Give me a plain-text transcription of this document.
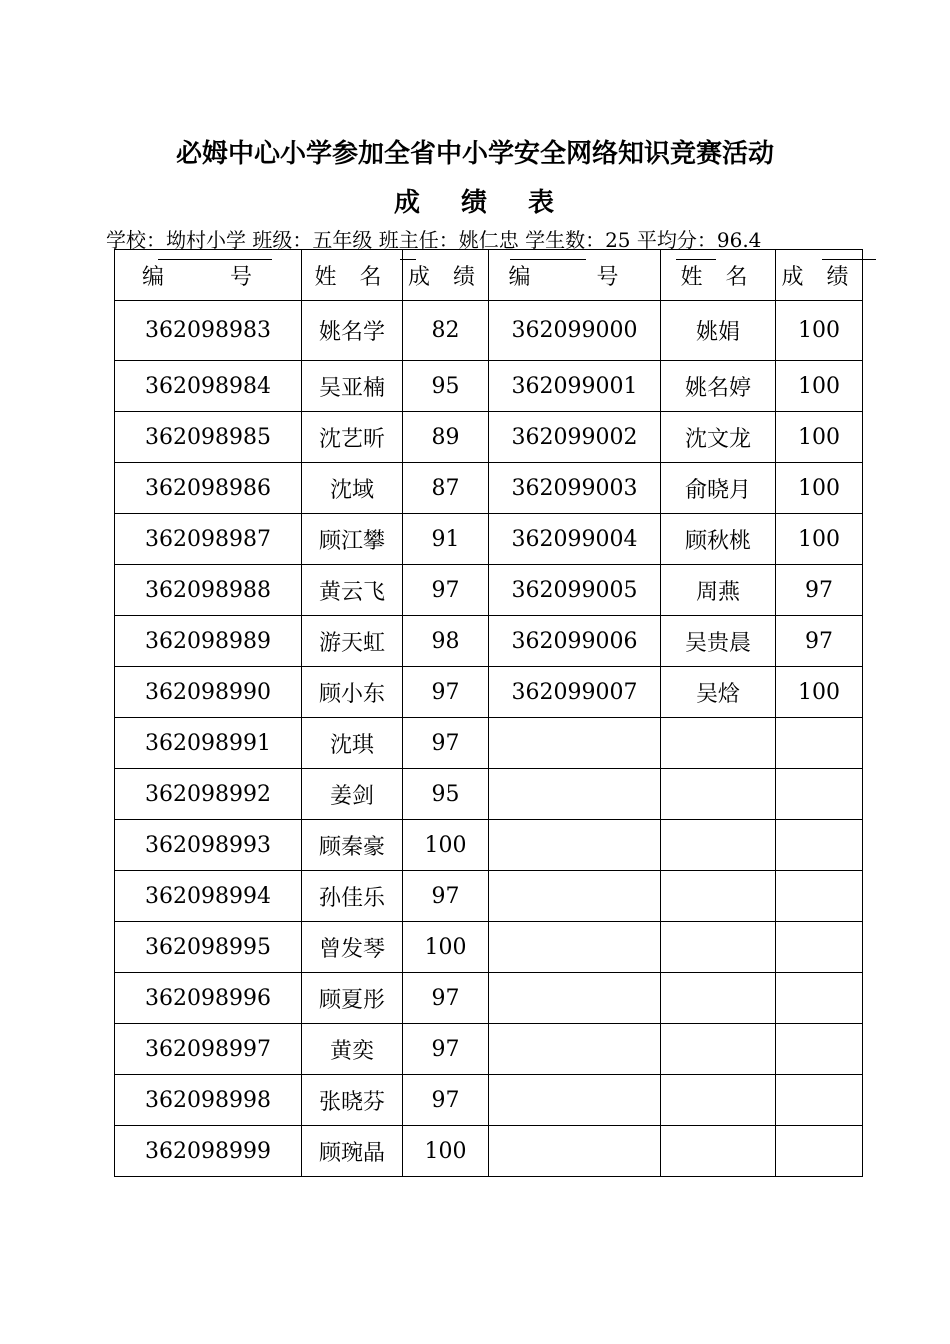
必姆中心小学参加全省中小学安全网络知识竞赛活动
成 绩 表
学校：坳村小学 班级：五年级 班主任：姚仁忠 学生数：25 平均分：96.4
编　号	姓 名	成 绩	编　号	姓 名	成 绩
362098983	姚名学	82	362099000	姚娟	100
362098984	吴亚楠	95	362099001	姚名婷	100
362098985	沈艺昕	89	362099002	沈文龙	100
362098986	沈域	87	362099003	俞晓月	100
362098987	顾江攀	91	362099004	顾秋桃	100
362098988	黄云飞	97	362099005	周燕	97
362098989	游天虹	98	362099006	吴贵晨	97
362098990	顾小东	97	362099007	吴焓	100
362098991	沈琪	97			
362098992	姜剑	95			
362098993	顾秦豪	100			
362098994	孙佳乐	97			
362098995	曾发琴	100			
362098996	顾夏彤	97			
362098997	黄奕	97			
362098998	张晓芬	97			
362098999	顾琬晶	100			
